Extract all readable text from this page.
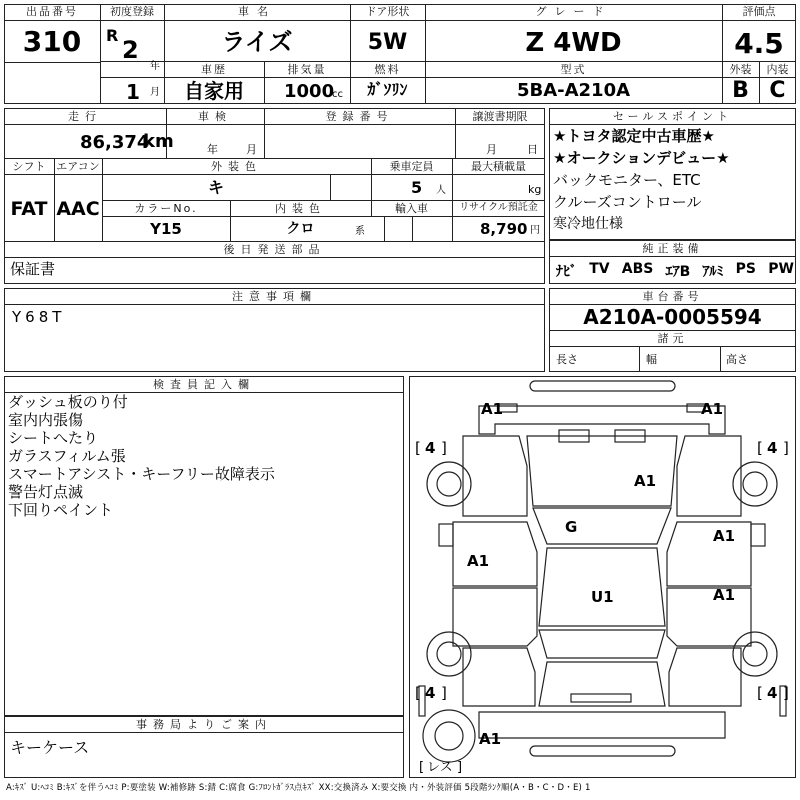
出品番号
310
初度登録
R
2
年
1 月
車名
ライズ
ドア形状
5W
グレード
Z 4WD
評価点
4.5
車歴
自家用
排気量
1000
cc
燃料
ｶﾞｿﾘﾝ
型式
5BA-A210A
外装	内装
B C
走行
86,374
km
車検
年	月
登録番号	譲渡書期限
月	日
シフト
FAT
エアコン
AAC
外装色
キ
乗車定員
5 人
最大積載量
kg
カラーNo.
Y15
内装色
クロ	系
輸入車	リサイクル預託金
8,790 円
後日発送部品
保証書
セールスポイント
★トヨタ認定中古車歴★
★オークションデビュー★
バックモニター、ETC
クルーズコントロール
寒冷地仕様
純正装備
ﾅﾋﾞ TV ABS ｴｱB ｱﾙﾐ PS PW
注意事項欄
Y68T
車台番号
A210A-0005594
諸元
長さ	幅	高さ
検査員記入欄
ダッシュ板のり付
室内内張傷
シートへたり
ガラスフィルム張
スマートアシスト・キーフリー故障表示
警告灯点滅
下回りペイント
事務局よりご案内
キーケース
A1	A1
A1
G
A1
A1
A1
U1
A1
[ 4 ]	[ 4 ]
[ 4 ]	[ 4 ]
[ レス ]
A:ｷｽﾞ U:ﾍｺﾐ B:ｷｽﾞを伴うﾍｺﾐ P:要塗装 W:補修跡 S:錆 C:腐食 G:ﾌﾛﾝﾄｶﾞﾗｽ点ｷｽﾞ XX:交換済み X:要交換 内・外装評価 5段階ﾗﾝｸ順(A・B・C・D・E) 1
